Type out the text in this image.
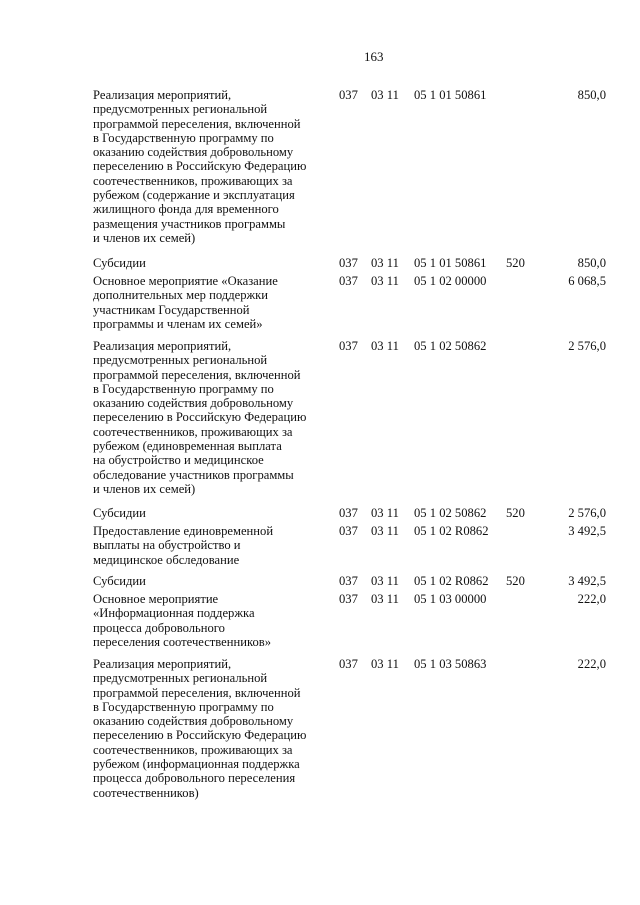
163
Реализация мероприятий,
предусмотренных региональной
программой переселения, включенной
в Государственную программу по
оказанию содействия добровольному
переселению в Российскую Федерацию
соотечественников, проживающих за
рубежом (содержание и эксплуатация
жилищного фонда для временного
размещения участников программы
и членов их семей)
037 03 11 05 1 01 50861	850,0
Субсидии	037 03 11 05 1 01 50861 520	850,0
Основное мероприятие «Оказание
дополнительных мер поддержки
участникам Государственной
программы и членам их семей»
037 03 11 05 1 02 00000	6 068,5
Реализация мероприятий,
предусмотренных региональной
программой переселения, включенной
в Государственную программу по
оказанию содействия добровольному
переселению в Российскую Федерацию
соотечественников, проживающих за
рубежом (единовременная выплата
на обустройство и медицинское
обследование участников программы
и членов их семей)
037 03 11 05 1 02 50862	2 576,0
Субсидии	037 03 11 05 1 02 50862 520	2 576,0
Предоставление единовременной
выплаты на обустройство и
медицинское обследование
037 03 11 05 1 02 R0862	3 492,5
Субсидии	037 03 11 05 1 02 R0862 520	3 492,5
Основное мероприятие
«Информационная поддержка
процесса добровольного
переселения соотечественников»
037 03 11 05 1 03 00000	222,0
Реализация мероприятий,
предусмотренных региональной
программой переселения, включенной
в Государственную программу по
оказанию содействия добровольному
переселению в Российскую Федерацию
соотечественников, проживающих за
рубежом (информационная поддержка
процесса добровольного переселения
соотечественников)
037 03 11 05 1 03 50863	222,0
